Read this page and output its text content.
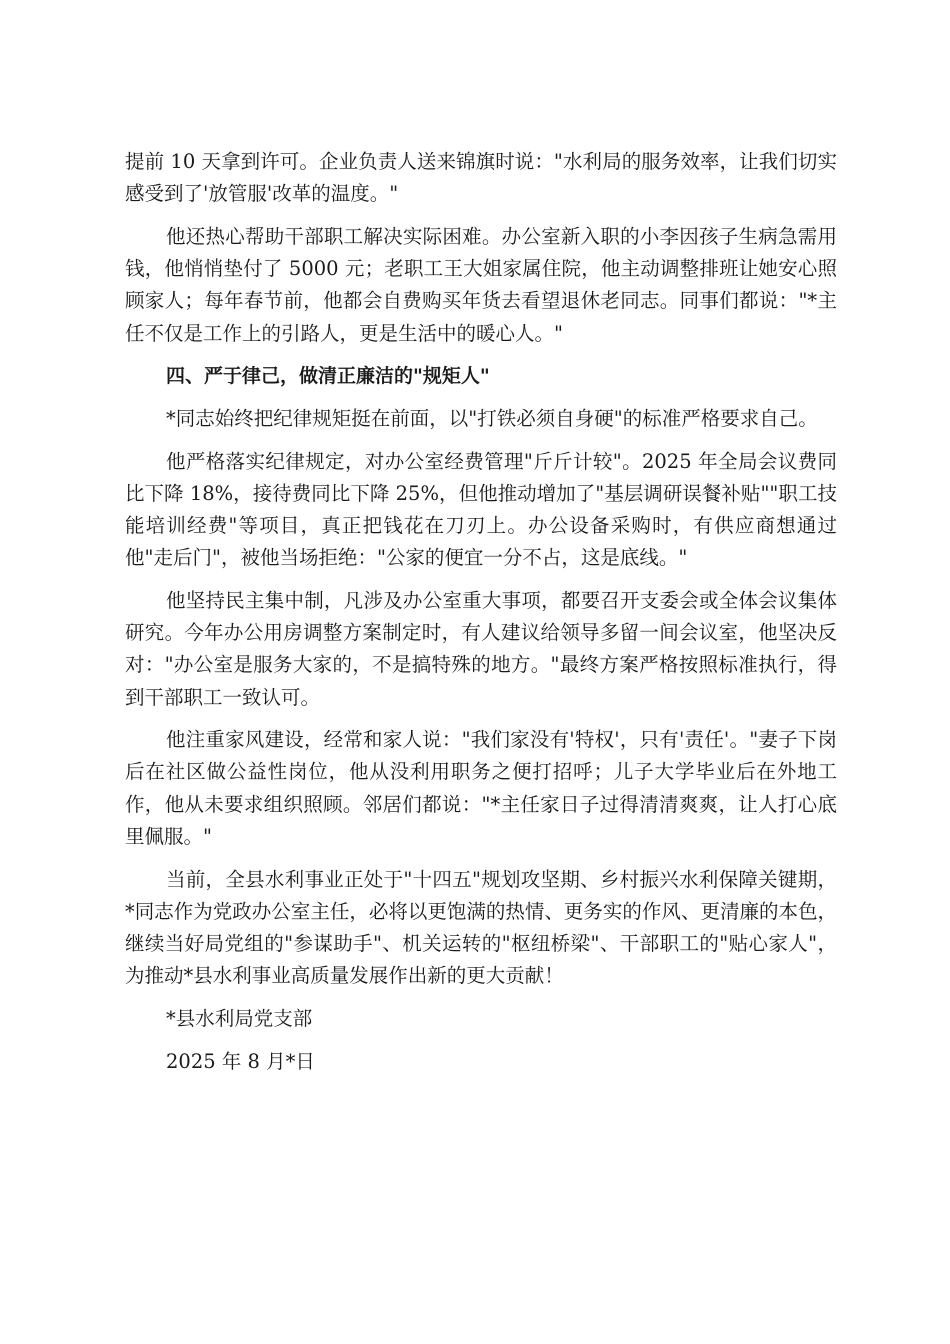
提前 10 天拿到许可。企业负责人送来锦旗时说："水利局的服务效率，让我们切实感受到了'放管服'改革的温度。"

他还热心帮助干部职工解决实际困难。办公室新入职的小李因孩子生病急需用钱，他悄悄垫付了 5000 元；老职工王大姐家属住院，他主动调整排班让她安心照顾家人；每年春节前，他都会自费购买年货去看望退休老同志。同事们都说："*主任不仅是工作上的引路人，更是生活中的暖心人。"

四、严于律己，做清正廉洁的"规矩人"

*同志始终把纪律规矩挺在前面，以"打铁必须自身硬"的标准严格要求自己。

他严格落实纪律规定，对办公室经费管理"斤斤计较"。2025 年全局会议费同比下降 18%，接待费同比下降 25%，但他推动增加了"基层调研误餐补贴""职工技能培训经费"等项目，真正把钱花在刀刃上。办公设备采购时，有供应商想通过他"走后门"，被他当场拒绝："公家的便宜一分不占，这是底线。"

他坚持民主集中制，凡涉及办公室重大事项，都要召开支委会或全体会议集体研究。今年办公用房调整方案制定时，有人建议给领导多留一间会议室，他坚决反对："办公室是服务大家的，不是搞特殊的地方。"最终方案严格按照标准执行，得到干部职工一致认可。

他注重家风建设，经常和家人说："我们家没有'特权'，只有'责任'。"妻子下岗后在社区做公益性岗位，他从没利用职务之便打招呼；儿子大学毕业后在外地工作，他从未要求组织照顾。邻居们都说："*主任家日子过得清清爽爽，让人打心底里佩服。"

当前，全县水利事业正处于"十四五"规划攻坚期、乡村振兴水利保障关键期，*同志作为党政办公室主任，必将以更饱满的热情、更务实的作风、更清廉的本色，继续当好局党组的"参谋助手"、机关运转的"枢纽桥梁"、干部职工的"贴心家人"，为推动*县水利事业高质量发展作出新的更大贡献！

*县水利局党支部

2025 年 8 月*日
